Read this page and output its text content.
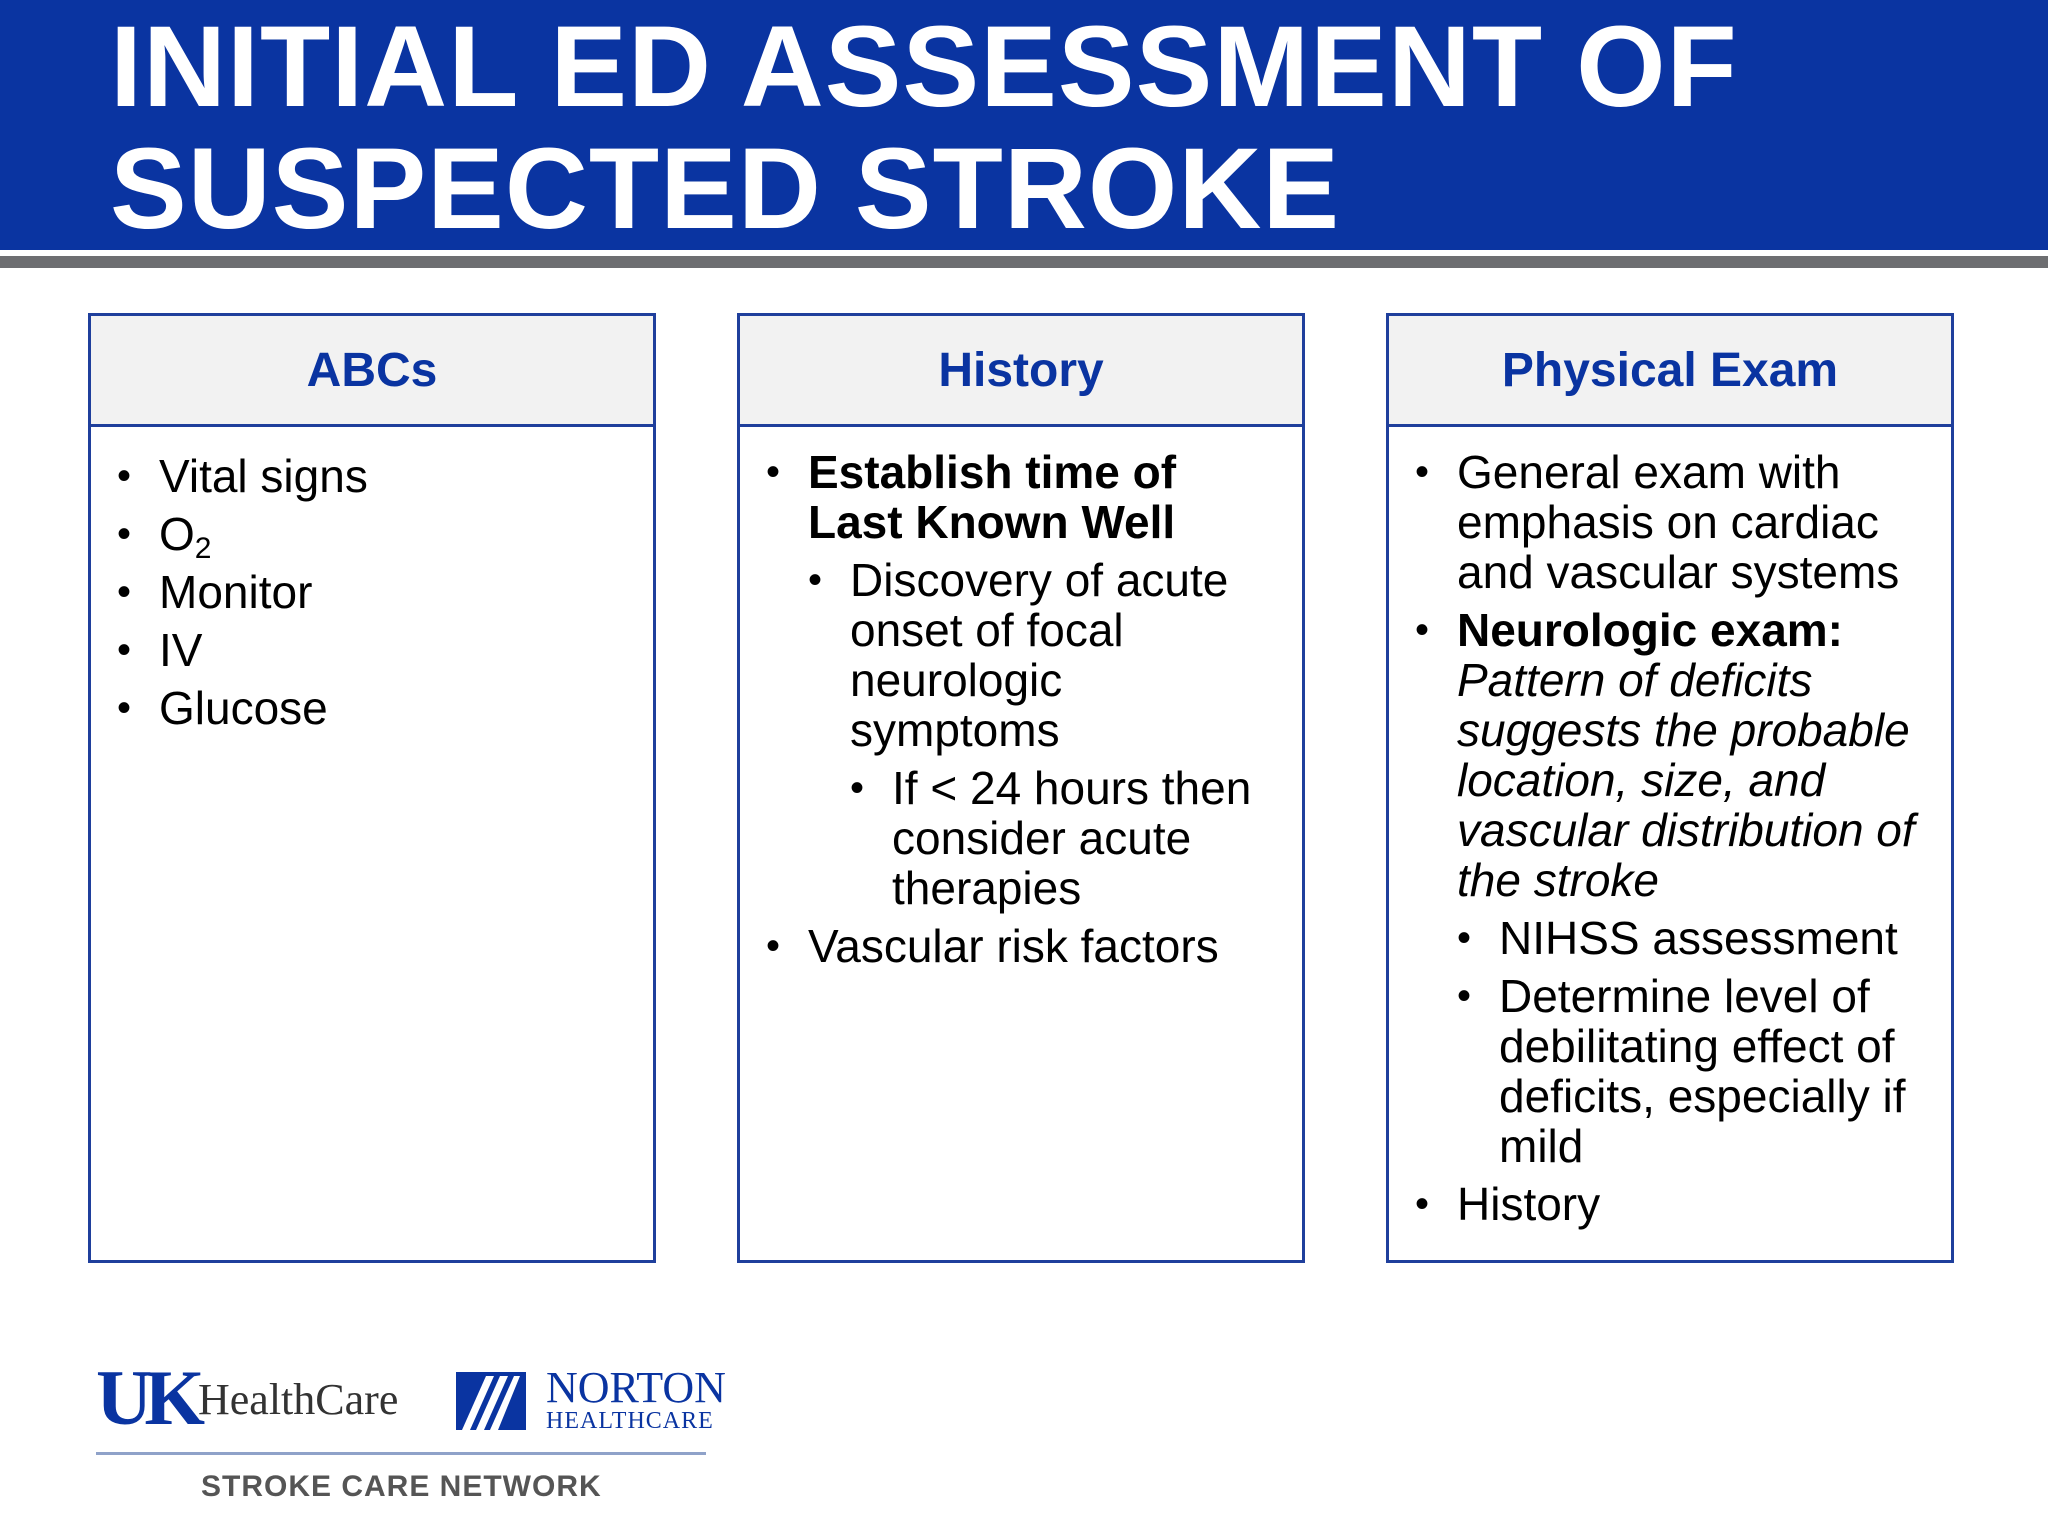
INITIAL ED ASSESSMENT OF
SUSPECTED STROKE
ABCs
• Vital signs
• $O_2$
• Monitor
• IV
• Glucose
History
• Establish time of Last Known Well
• Discovery of acute onset of focal neurologic symptoms
• If < 24 hours then consider acute therapies
• Vascular risk factors
Physical Exam
• General exam with emphasis on cardiac and vascular systems
• Neurologic exam: Pattern of deficits suggests the probable location, size, and vascular distribution of the stroke
• NIHSS assessment
• Determine level of debilitating effect of deficits, especially if mild
• History
UK HealthCare	NORTON
HEALTHCARE
STROKE CARE NETWORK
